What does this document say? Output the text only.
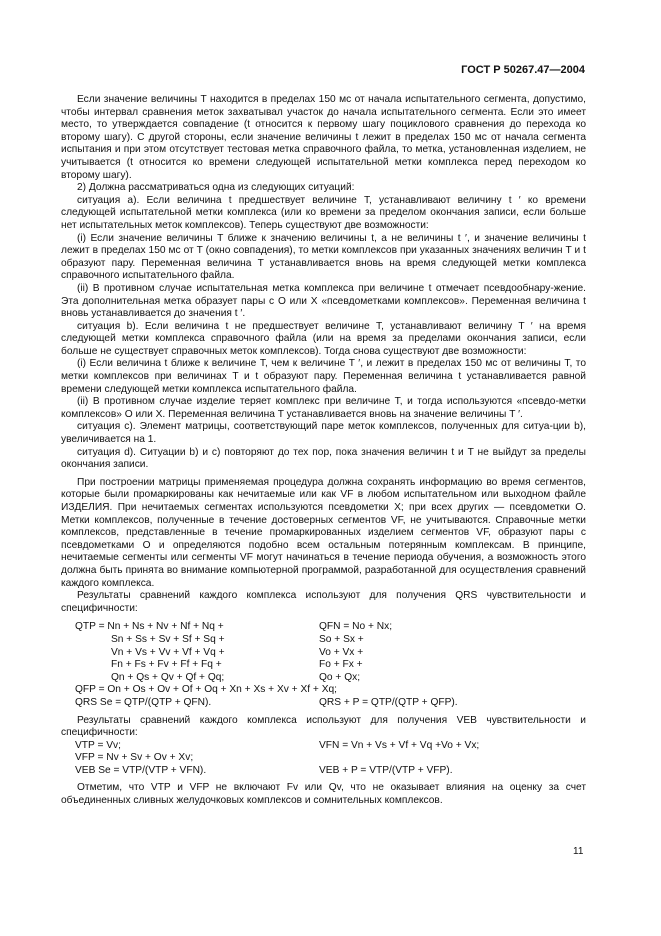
ГОСТ Р 50267.47—2004

Если значение величины T находится в пределах 150 мс от начала испытательного сегмента, допустимо, чтобы интервал сравнения меток захватывал участок до начала испытательного сегмента. Если это имеет место, то утверждается совпадение (t относится к первому шагу поциклового сравнения до перехода ко второму шагу). С другой стороны, если значение величины t лежит в пределах 150 мс от начала сегмента испытания и при этом отсутствует тестовая метка справочного файла, то метка, установленная изделием, не учитывается (t относится ко времени следующей испытательной метки комплекса перед переходом ко второму шагу).

2) Должна рассматриваться одна из следующих ситуаций:

ситуация a). Если величина t предшествует величине T, устанавливают величину t ′ ко времени следующей испытательной метки комплекса (или ко времени за пределом окончания записи, если больше нет испытательных меток комплексов). Теперь существуют две возможности:

(i) Если значение величины T ближе к значению величины t, а не величины t ′, и значение величины t лежит в пределах 150 мс от T (окно совпадения), то метки комплексов при указанных значениях величин T и t образуют пару. Переменная величина T устанавливается вновь на время следующей метки комплекса справочного испытательного файла.

(ii) В противном случае испытательная метка комплекса при величине t отмечает псевдообнару-жение. Эта дополнительная метка образует пары с О или X «псевдометками комплексов». Переменная величина t вновь устанавливается до значения t ′.

ситуация b). Если величина t не предшествует величине T, устанавливают величину T ′ на время следующей метки комплекса справочного файла (или на время за пределами окончания записи, если больше не существует справочных меток комплексов). Тогда снова существуют две возможности:

(i) Если величина t ближе к величине T, чем к величине T ′, и лежит в пределах 150 мс от величины T, то метки комплексов при величинах T и t образуют пару. Переменная величина t устанавливается равной времени следующей метки комплекса испытательного файла.

(ii) В противном случае изделие теряет комплекс при величине T, и тогда используются «псевдо-метки комплексов» О или X. Переменная величина T устанавливается вновь на значение величины T ′.

ситуация c). Элемент матрицы, соответствующий паре меток комплексов, полученных для ситуа-ции b), увеличивается на 1.

ситуация d). Ситуации b) и c) повторяют до тех пор, пока значения величин t и T не выйдут за пределы окончания записи.

При построении матрицы применяемая процедура должна сохранять информацию во время сегментов, которые были промаркированы как нечитаемые или как VF в любом испытательном или выходном файле ИЗДЕЛИЯ. При нечитаемых сегментах используются псевдометки X; при всех других — псевдометки О. Метки комплексов, полученные в течение достоверных сегментов VF, не учитываются. Справочные метки комплексов, представленные в течение промаркированных изделием сегментов VF, образуют пары с псевдометками О и определяются подобно всем остальным потерянным комплексам. В принципе, нечитаемые сегменты или сегменты VF могут начинаться в течение периода обучения, а возможность этого должна быть принята во внимание компьютерной программой, разработанной для осуществления сравнений каждого комплекса.

Результаты сравнений каждого комплекса используют для получения QRS чувствительности и специфичности:

QTP = Nn + Ns + Nv + Nf + Nq +	QFN = No + Nx;
Sn + Ss + Sv + Sf + Sq +	So + Sx +
Vn + Vs + Vv + Vf + Vq +	Vo + Vx +
Fn + Fs + Fv + Ff + Fq +	Fo + Fx +
Qn + Qs + Qv + Qf + Qq;	Qo + Qx;
QFP = On + Os + Ov + Of + Oq + Xn + Xs + Xv + Xf + Xq;
QRS Se = QTP/(QTP + QFN).	QRS + P = QTP/(QTP + QFP).

Результаты сравнений каждого комплекса используют для получения VEB чувствительности и специфичности:

VTP = Vv;	VFN = Vn + Vs + Vf + Vq +Vo + Vx;
VFP = Nv + Sv + Ov + Xv;
VEB Se = VTP/(VTP + VFN).	VEB + P = VTP/(VTP + VFP).

Отметим, что VTP и VFP не включают Fv или Qv, что не оказывает влияния на оценку за счет объединенных сливных желудочковых комплексов и сомнительных комплексов.

11
